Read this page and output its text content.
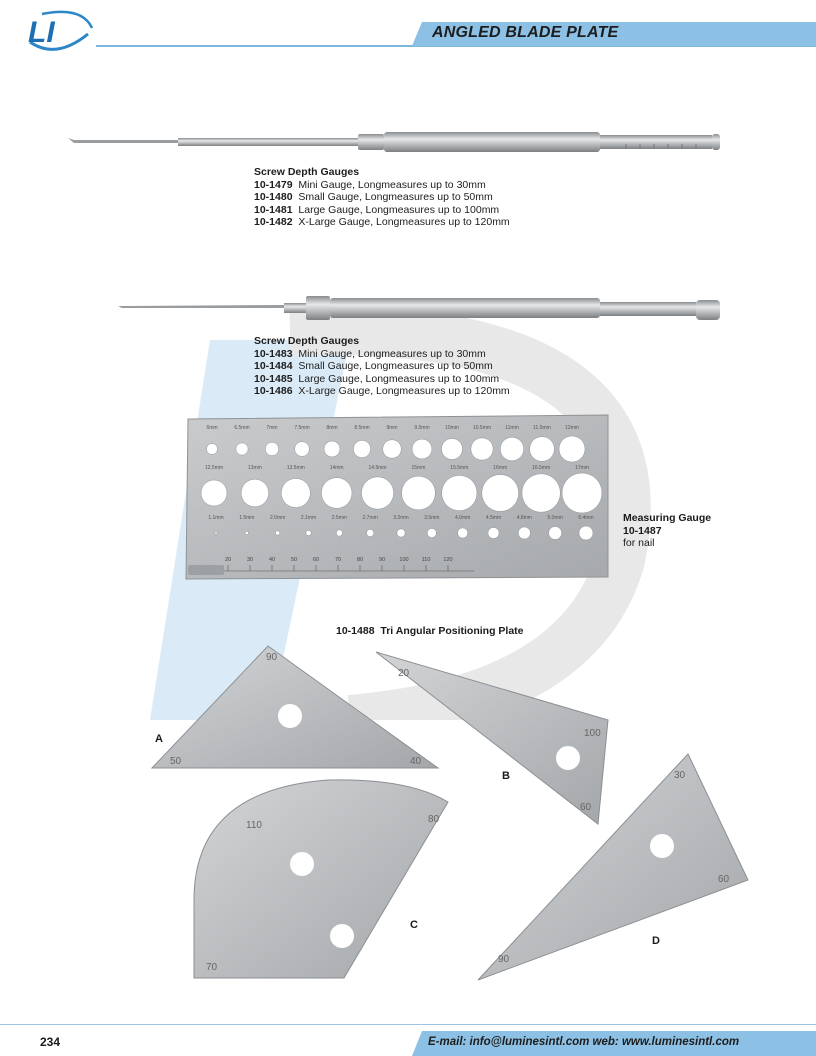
LI	ANGLED BLADE PLATE
Screw Depth Gauges
10-1479 Mini Gauge, Longmeasures up to 30mm
10-1480 Small Gauge, Longmeasures up to 50mm
10-1481 Large Gauge, Longmeasures up to 100mm
10-1482 X-Large Gauge, Longmeasures up to 120mm
Screw Depth Gauges
10-1483 Mini Gauge, Longmeasures up to 30mm
10-1484 Small Gauge, Longmeasures up to 50mm
10-1485 Large Gauge, Longmeasures up to 100mm
10-1486 X-Large Gauge, Longmeasures up to 120mm
6mm	6.5mm	7mm	7.5mm	8mm	8.5mm	9mm	9.5mm	10mm	10.5mm	11mm	11.5mm	12mm
12.5mm	13mm	13.5mm	14mm	14.5mm	15mm	15.5mm	16mm	16.5mm	17mm
1.1mm	1.5mm	2.0mm	2.1mm	2.5mm	2.7mm	3.2mm	3.5mm	4.0mm	4.5mm	4.8mm	5.0mm	6.4mm
20	30	40	50	60	70	80	90	100 110 120
Measuring Gauge
10-1487
for nail
10-1488 Tri Angular Positioning Plate
90
50	40
20
100
60
110
80
70
30
60
90
A
B
C
D
234	E-mail: info@luminesintl.com web: www.luminesintl.com
